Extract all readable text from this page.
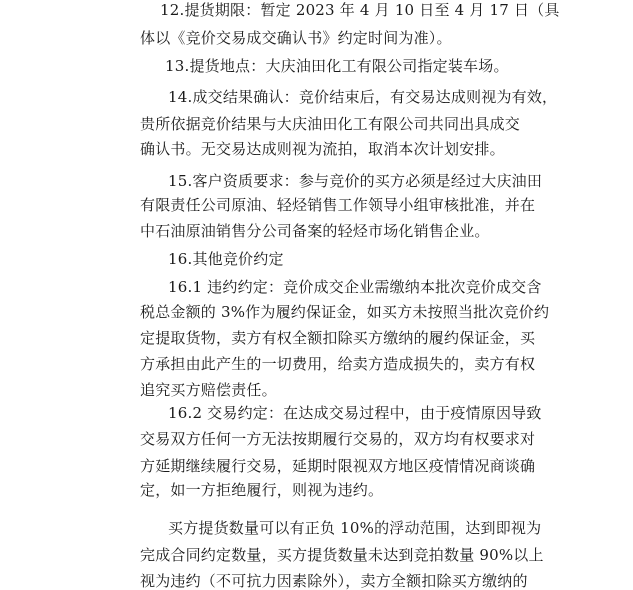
12.提货期限：暂定 2023 年 4 月 10 日至 4 月 17 日（具
体以《竞价交易成交确认书》约定时间为准）。
13.提货地点：大庆油田化工有限公司指定装车场。
14.成交结果确认：竞价结束后，有交易达成则视为有效，
贵所依据竞价结果与大庆油田化工有限公司共同出具成交
确认书。无交易达成则视为流拍，取消本次计划安排。
15.客户资质要求：参与竞价的买方必须是经过大庆油田
有限责任公司原油、轻烃销售工作领导小组审核批准，并在
中石油原油销售分公司备案的轻烃市场化销售企业。
16.其他竞价约定
16.1 违约约定：竞价成交企业需缴纳本批次竞价成交含
税总金额的 3%作为履约保证金，如买方未按照当批次竞价约
定提取货物，卖方有权全额扣除买方缴纳的履约保证金，买
方承担由此产生的一切费用，给卖方造成损失的，卖方有权
追究买方赔偿责任。
16.2 交易约定：在达成交易过程中，由于疫情原因导致
交易双方任何一方无法按期履行交易的，双方均有权要求对
方延期继续履行交易，延期时限视双方地区疫情情况商谈确
定，如一方拒绝履行，则视为违约。
买方提货数量可以有正负 10%的浮动范围，达到即视为
完成合同约定数量，买方提货数量未达到竞拍数量 90%以上
视为违约（不可抗力因素除外），卖方全额扣除买方缴纳的
